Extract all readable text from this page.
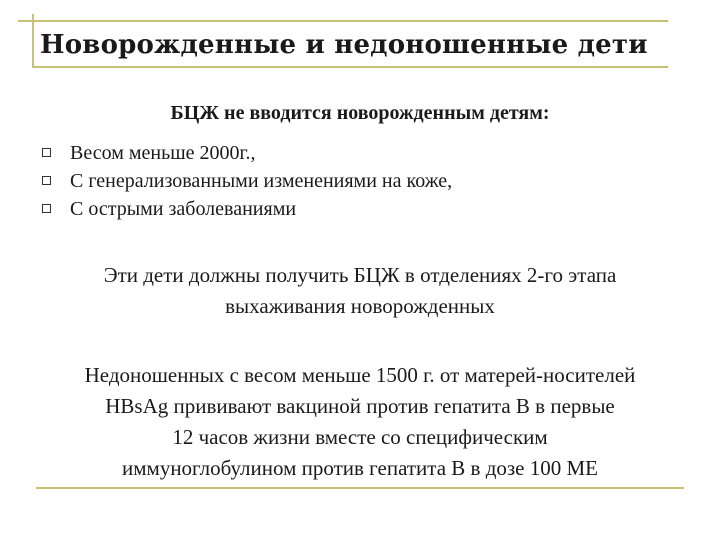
Новорожденные и недоношенные дети

БЦЖ не вводится новорожденным детям:

Весом меньше 2000г.,
С генерализованными изменениями на коже,
С острыми заболеваниями

Эти дети должны получить БЦЖ в отделениях 2-го этапа
выхаживания новорожденных

Недоношенных с весом меньше 1500 г. от матерей-носителей
HBsAg прививают вакциной против гепатита В в первые
12 часов жизни вместе со специфическим
иммуноглобулином против гепатита В в дозе 100 МЕ
